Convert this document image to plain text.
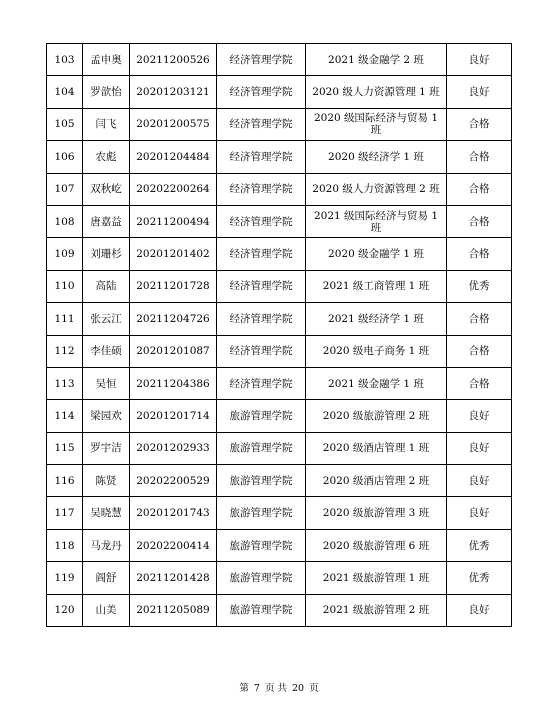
103	孟申奥	20211200526	经济管理学院	2021 级金融学 2 班	良好
104	罗歆怡	20201203121	经济管理学院	2020 级人力资源管理 1 班	良好
105	闫飞	20201200575	经济管理学院	2020 级国际经济与贸易 1 班	合格
106	农彪	20201204484	经济管理学院	2020 级经济学 1 班	合格
107	双秋屹	20202200264	经济管理学院	2020 级人力资源管理 2 班	合格
108	唐嘉益	20211200494	经济管理学院	2021 级国际经济与贸易 1 班	合格
109	刘珊杉	20201201402	经济管理学院	2020 级金融学 1 班	合格
110	高陆	20211201728	经济管理学院	2021 级工商管理 1 班	优秀
111	张云江	20211204726	经济管理学院	2021 级经济学 1 班	合格
112	李佳硕	20201201087	经济管理学院	2020 级电子商务 1 班	合格
113	吴恒	20211204386	经济管理学院	2021 级金融学 1 班	合格
114	梁园欢	20201201714	旅游管理学院	2020 级旅游管理 2 班	良好
115	罗宇洁	20201202933	旅游管理学院	2020 级酒店管理 1 班	良好
116	陈贤	20202200529	旅游管理学院	2020 级酒店管理 2 班	良好
117	吴晓慧	20201201743	旅游管理学院	2020 级旅游管理 3 班	良好
118	马龙丹	20202200414	旅游管理学院	2020 级旅游管理 6 班	优秀
119	阎舒	20211201428	旅游管理学院	2021 级旅游管理 1 班	优秀
120	山美	20211205089	旅游管理学院	2021 级旅游管理 2 班	良好
第 7 页 共 20 页
